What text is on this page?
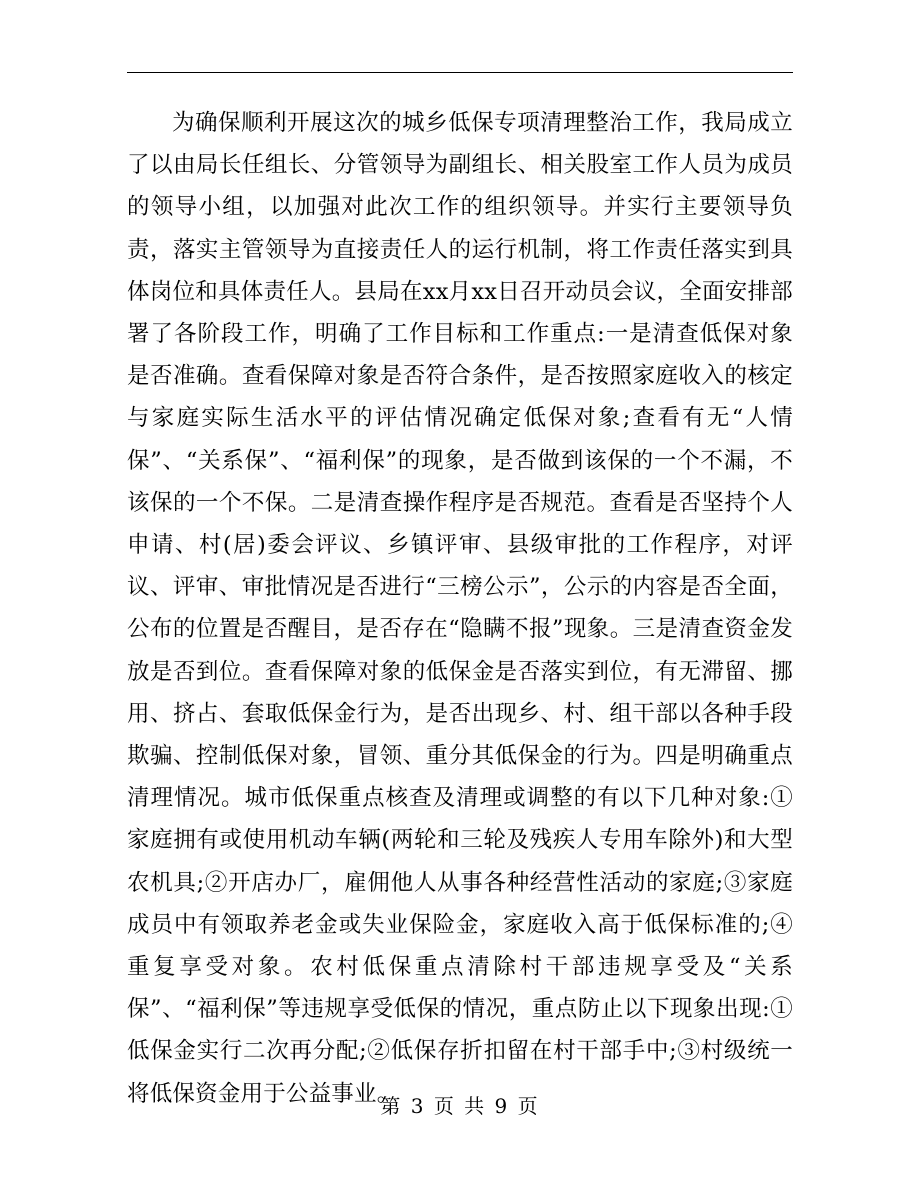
为确保顺利开展这次的城乡低保专项清理整治工作，我局成立了以由局长任组长、分管领导为副组长、相关股室工作人员为成员的领导小组，以加强对此次工作的组织领导。并实行主要领导负责，落实主管领导为直接责任人的运行机制，将工作责任落实到具体岗位和具体责任人。县局在xx月xx日召开动员会议，全面安排部署了各阶段工作，明确了工作目标和工作重点:一是清查低保对象是否准确。查看保障对象是否符合条件，是否按照家庭收入的核定与家庭实际生活水平的评估情况确定低保对象;查看有无“人情保”、“关系保”、“福利保”的现象，是否做到该保的一个不漏，不该保的一个不保。二是清查操作程序是否规范。查看是否坚持个人申请、村(居)委会评议、乡镇评审、县级审批的工作程序，对评议、评审、审批情况是否进行“三榜公示”，公示的内容是否全面，公布的位置是否醒目，是否存在“隐瞒不报”现象。三是清查资金发放是否到位。查看保障对象的低保金是否落实到位，有无滞留、挪用、挤占、套取低保金行为，是否出现乡、村、组干部以各种手段欺骗、控制低保对象，冒领、重分其低保金的行为。四是明确重点清理情况。城市低保重点核查及清理或调整的有以下几种对象:①家庭拥有或使用机动车辆(两轮和三轮及残疾人专用车除外)和大型农机具;②开店办厂，雇佣他人从事各种经营性活动的家庭;③家庭成员中有领取养老金或失业保险金，家庭收入高于低保标准的;④重复享受对象。农村低保重点清除村干部违规享受及“关系保”、“福利保”等违规享受低保的情况，重点防止以下现象出现:①低保金实行二次再分配;②低保存折扣留在村干部手中;③村级统一将低保资金用于公益事业。

第 3 页 共 9 页
